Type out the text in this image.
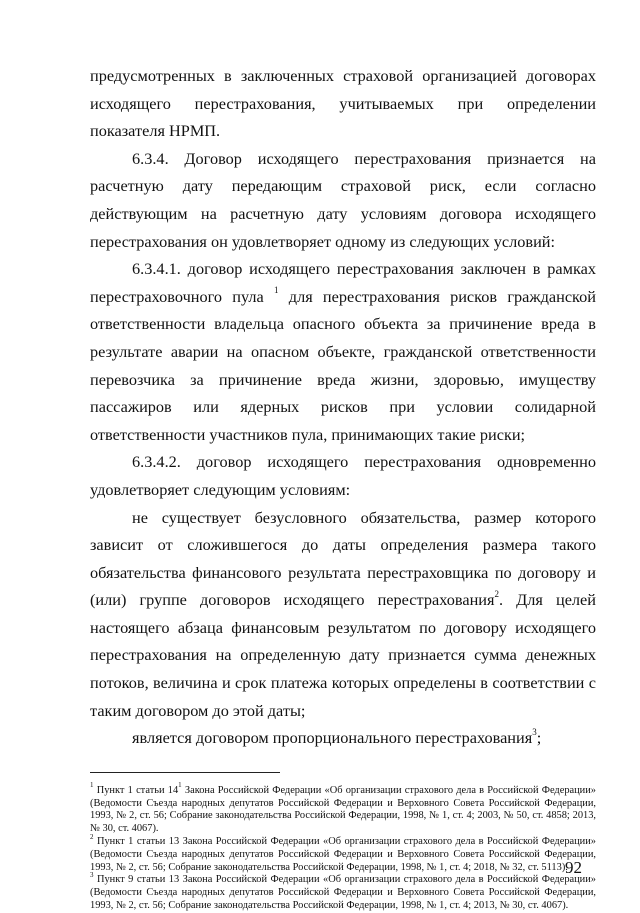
предусмотренных в заключенных страховой организацией договорах исходящего перестрахования, учитываемых при определении показателя НРМП.

6.3.4. Договор исходящего перестрахования признается на расчетную дату передающим страховой риск, если согласно действующим на расчетную дату условиям договора исходящего перестрахования он удовлетворяет одному из следующих условий:

6.3.4.1. договор исходящего перестрахования заключен в рамках перестраховочного пула $^1$ для перестрахования рисков гражданской ответственности владельца опасного объекта за причинение вреда в результате аварии на опасном объекте, гражданской ответственности перевозчика за причинение вреда жизни, здоровью, имуществу пассажиров или ядерных рисков при условии солидарной ответственности участников пула, принимающих такие риски;

6.3.4.2. договор исходящего перестрахования одновременно удовлетворяет следующим условиям:

не существует безусловного обязательства, размер которого зависит от сложившегося до даты определения размера такого обязательства финансового результата перестраховщика по договору и (или) группе договоров исходящего перестрахования$^2$. Для целей настоящего абзаца финансовым результатом по договору исходящего перестрахования на определенную дату признается сумма денежных потоков, величина и срок платежа которых определены в соответствии с таким договором до этой даты;

является договором пропорционального перестрахования$^3$;

$^1$ Пункт 1 статьи $14^1$ Закона Российской Федерации «Об организации страхового дела в Российской Федерации» (Ведомости Съезда народных депутатов Российской Федерации и Верховного Совета Российской Федерации, 1993, № 2, ст. 56; Собрание законодательства Российской Федерации, 1998, № 1, ст. 4; 2003, № 50, ст. 4858; 2013, № 30, ст. 4067).

$^2$ Пункт 1 статьи 13 Закона Российской Федерации «Об организации страхового дела в Российской Федерации» (Ведомости Съезда народных депутатов Российской Федерации и Верховного Совета Российской Федерации, 1993, № 2, ст. 56; Собрание законодательства Российской Федерации, 1998, № 1, ст. 4; 2018, № 32, ст. 5113).

$^3$ Пункт 9 статьи 13 Закона Российской Федерации «Об организации страхового дела в Российской Федерации» (Ведомости Съезда народных депутатов Российской Федерации и Верховного Совета Российской Федерации, 1993, № 2, ст. 56; Собрание законодательства Российской Федерации, 1998, № 1, ст. 4; 2013, № 30, ст. 4067).

92
